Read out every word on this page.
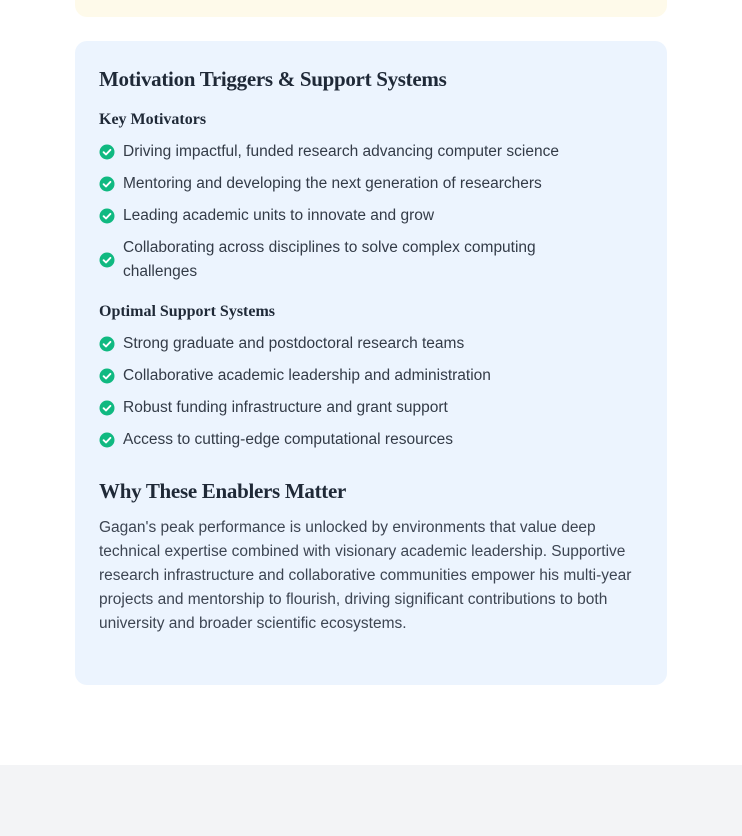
Motivation Triggers & Support Systems
Key Motivators
Driving impactful, funded research advancing computer science
Mentoring and developing the next generation of researchers
Leading academic units to innovate and grow
Collaborating across disciplines to solve complex computing challenges
Optimal Support Systems
Strong graduate and postdoctoral research teams
Collaborative academic leadership and administration
Robust funding infrastructure and grant support
Access to cutting-edge computational resources
Why These Enablers Matter

Gagan's peak performance is unlocked by environments that value deep technical expertise combined with visionary academic leadership. Supportive research infrastructure and collaborative communities empower his multi-year projects and mentorship to flourish, driving significant contributions to both university and broader scientific ecosystems.
